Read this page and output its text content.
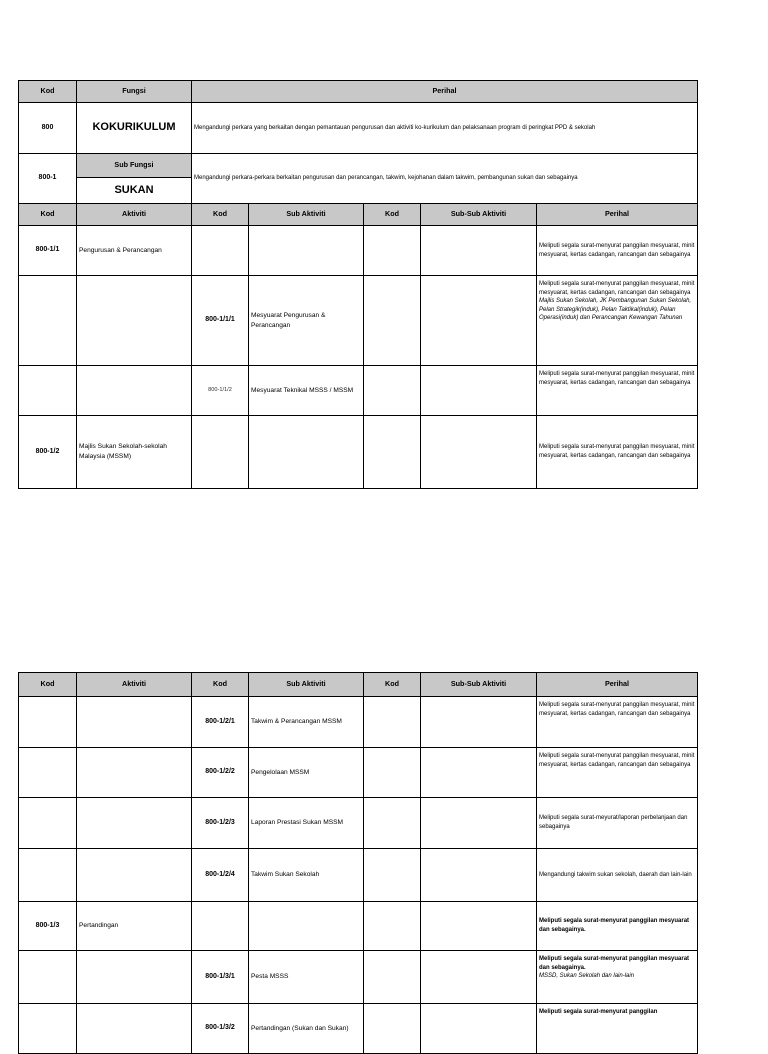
Kod	Fungsi	Perihal				
800	KOKURIKULUM	Mengandungi perkara yang berkaitan dengan pemantauan pengurusan dan aktiviti ko-kurikulum dan pelaksanaan program di peringkat PPD & sekolah				
800-1	Sub Fungsi	Mengandungi perkara-perkara berkaitan pengurusan dan perancangan, takwim, kejohanan dalam takwim, pembangunan sukan dan sebagainya				
	SUKAN					
Kod	Aktiviti	Kod	Sub Aktiviti	Kod	Sub-Sub Aktiviti	Perihal
800-1/1	Pengurusan & Perancangan					Meliputi segala surat-menyurat panggilan mesyuarat, minit mesyuarat, kertas cadangan, rancangan dan sebagainya
		800-1/1/1	Mesyuarat Pengurusan & Perancangan			Meliputi segala surat-menyurat panggilan mesyuarat, minit mesyuarat, kertas cadangan, rancangan dan sebagainya
Majlis Sukan Sekolah, JK Pembangunan Sukan Sekolah, Pelan Strategik(induk), Pelan Taktikal(induk), Pelan Operasi(induk) dan Perancangan Kewangan Tahunan

		800-1/1/2	Mesyuarat Teknikal MSSS / MSSM			Meliputi segala surat-menyurat panggilan mesyuarat, minit mesyuarat, kertas cadangan, rancangan dan sebagainya
800-1/2	Majlis Sukan Sekolah-sekolah Malaysia (MSSM)					Meliputi segala surat-menyurat panggilan mesyuarat, minit mesyuarat, kertas cadangan, rancangan dan sebagainya
Kod	Aktiviti	Kod	Sub Aktiviti	Kod	Sub-Sub Aktiviti	Perihal
		800-1/2/1	Takwim & Perancangan MSSM			Meliputi segala surat-menyurat panggilan mesyuarat, minit mesyuarat, kertas cadangan, rancangan dan sebagainya
		800-1/2/2	Pengelolaan MSSM			Meliputi segala surat-menyurat panggilan mesyuarat, minit mesyuarat, kertas cadangan, rancangan dan sebagainya
		800-1/2/3	Laporan Prestasi Sukan MSSM			Meliputi segala surat-meyurat/laporan perbelanjaan dan sebagainya
		800-1/2/4	Takwim Sukan Sekolah			Mengandungi takwim sukan sekolah, daerah dan lain-lain
800-1/3	Pertandingan					Meliputi segala surat-menyurat panggilan mesyuarat dan sebagainya.
		800-1/3/1	Pesta MSSS			Meliputi segala surat-menyurat panggilan mesyuarat dan sebagainya.
MSSD, Sukan Sekolah dan lain-lain

		800-1/3/2	Pertandingan (Sukan dan Sukan)			Meliputi segala surat-menyurat panggilan
